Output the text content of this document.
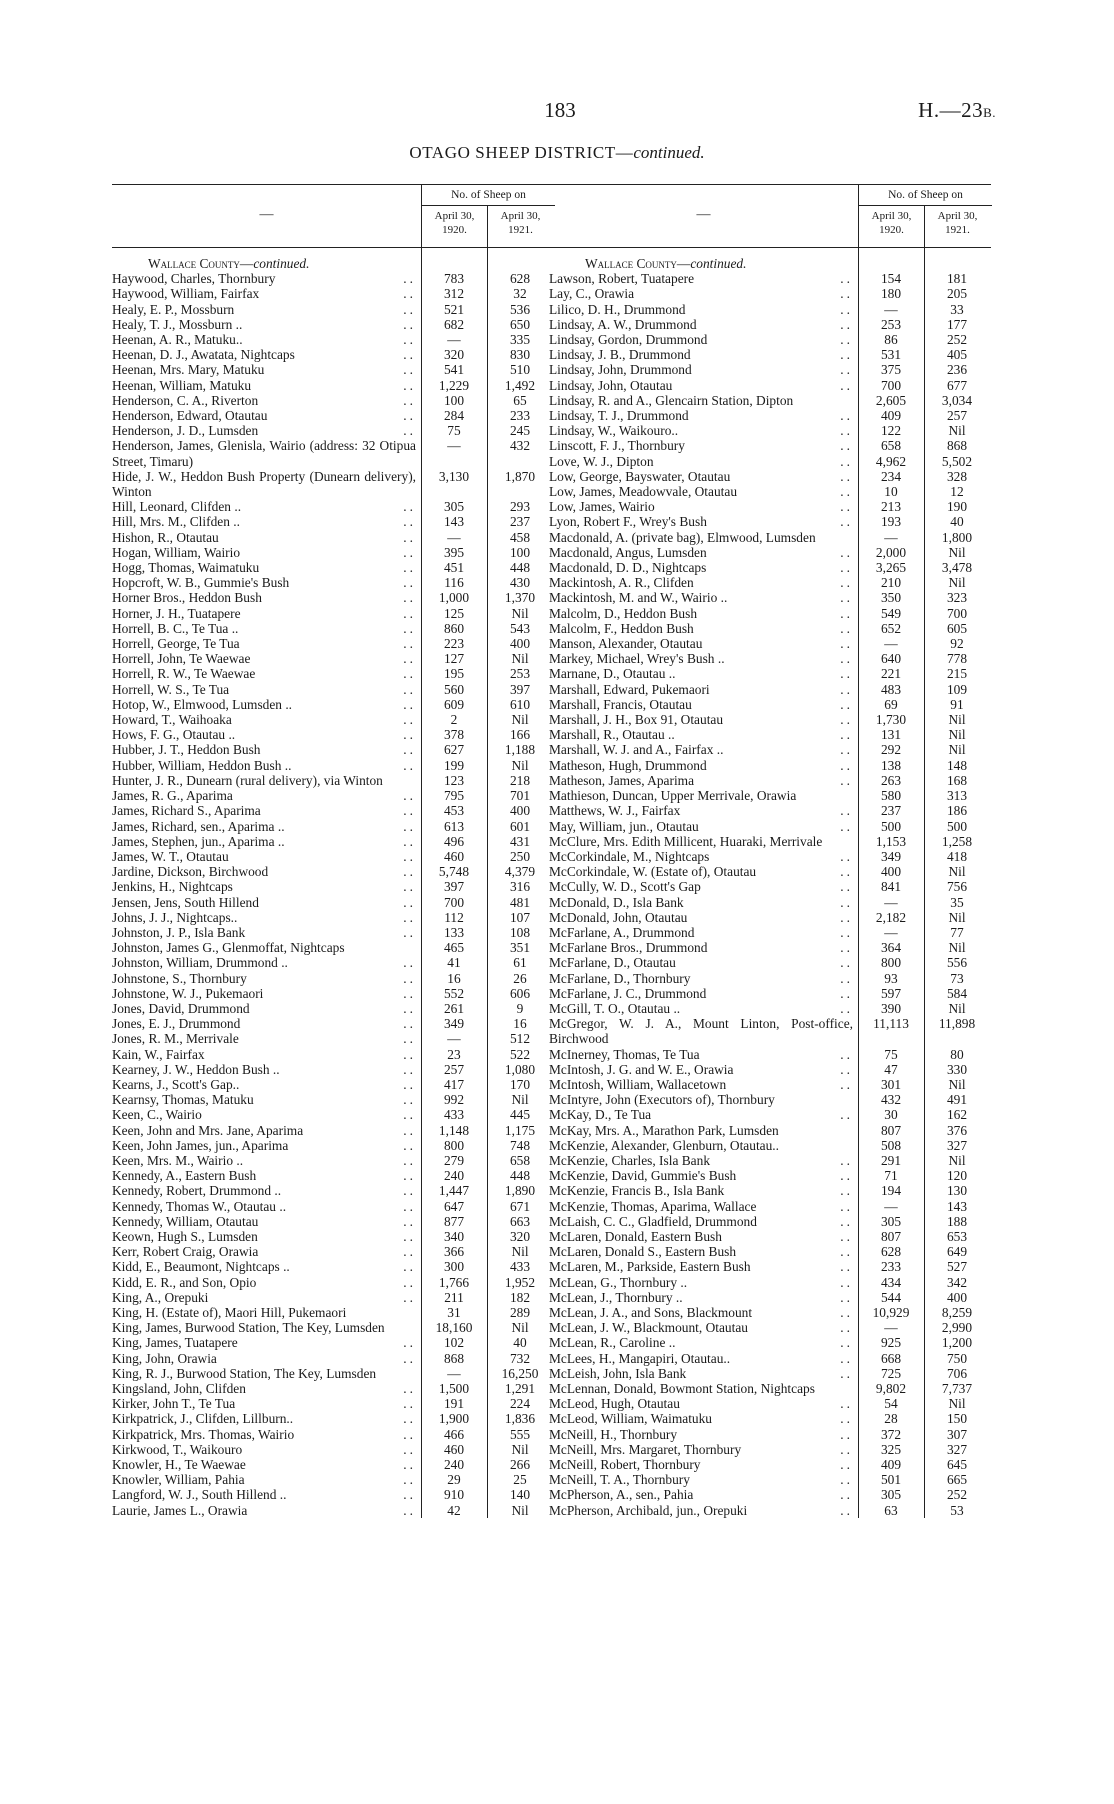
183	H.—23B.
OTAGO SHEEP DISTRICT—continued.
—
No. of Sheep on
April 30,
1920.
April 30,
1921.
Wallace County—continued.
..
Haywood, Charles, Thornbury	783	628
..
Haywood, William, Fairfax	312	32
..
Healy, E. P., Mossburn	521	536
..
Healy, T. J., Mossburn ..	682	650
..
Heenan, A. R., Matuku..	—	335
..
Heenan, D. J., Awatata, Nightcaps	320	830
..
Heenan, Mrs. Mary, Matuku	541	510
..
Heenan, William, Matuku	1,229	1,492
..
Henderson, C. A., Riverton	100	65
..
Henderson, Edward, Otautau	284	233
..
Henderson, J. D., Lumsden	75	245
Henderson, James, Glenisla, Wairio (address: 32 Otipua Street, Timaru)
—	432
Hide, J. W., Heddon Bush Property (Dunearn delivery), Winton
3,130	1,870
..
Hill, Leonard, Clifden ..	305	293
..
Hill, Mrs. M., Clifden ..	143	237
..
Hishon, R., Otautau	—	458
..
Hogan, William, Wairio	395	100
..
Hogg, Thomas, Waimatuku	451	448
..
Hopcroft, W. B., Gummie's Bush	116	430
..
Horner Bros., Heddon Bush	1,000	1,370
..
Horner, J. H., Tuatapere	125	Nil
..
Horrell, B. C., Te Tua ..	860	543
..
Horrell, George, Te Tua	223	400
..
Horrell, John, Te Waewae	127	Nil
..
Horrell, R. W., Te Waewae	195	253
..
Horrell, W. S., Te Tua	560	397
..
Hotop, W., Elmwood, Lumsden ..	609	610
..
Howard, T., Waihoaka	2	Nil
..
Hows, F. G., Otautau ..	378	166
..
Hubber, J. T., Heddon Bush	627	1,188
..
Hubber, William, Heddon Bush ..	199	Nil
Hunter, J. R., Dunearn (rural delivery), via Winton	123	218
..
James, R. G., Aparima	795	701
..
James, Richard S., Aparima	453	400
..
James, Richard, sen., Aparima ..	613	601
..
James, Stephen, jun., Aparima ..	496	431
..
James, W. T., Otautau	460	250
..
Jardine, Dickson, Birchwood	5,748	4,379
..
Jenkins, H., Nightcaps	397	316
..
Jensen, Jens, South Hillend	700	481
..
Johns, J. J., Nightcaps..	112	107
..
Johnston, J. P., Isla Bank	133	108
Johnston, James G., Glenmoffat, Nightcaps	465	351
..
Johnston, William, Drummond ..	41	61
..
Johnstone, S., Thornbury	16	26
..
Johnstone, W. J., Pukemaori	552	606
..
Jones, David, Drummond	261	9
..
Jones, E. J., Drummond	349	16
..
Jones, R. M., Merrivale	—	512
..
Kain, W., Fairfax	23	522
..
Kearney, J. W., Heddon Bush ..	257	1,080
..
Kearns, J., Scott's Gap..	417	170
..
Kearnsy, Thomas, Matuku	992	Nil
..
Keen, C., Wairio	433	445
..
Keen, John and Mrs. Jane, Aparima	1,148	1,175
..
Keen, John James, jun., Aparima	800	748
..
Keen, Mrs. M., Wairio ..	279	658
..
Kennedy, A., Eastern Bush	240	448
..
Kennedy, Robert, Drummond ..	1,447	1,890
..
Kennedy, Thomas W., Otautau ..	647	671
..
Kennedy, William, Otautau	877	663
..
Keown, Hugh S., Lumsden	340	320
..
Kerr, Robert Craig, Orawia	366	Nil
..
Kidd, E., Beaumont, Nightcaps ..	300	433
..
Kidd, E. R., and Son, Opio	1,766	1,952
..
King, A., Orepuki	211	182
King, H. (Estate of), Maori Hill, Pukemaori	31	289
King, James, Burwood Station, The Key, Lumsden	18,160	Nil
..
King, James, Tuatapere	102	40
..
King, John, Orawia	868	732
King, R. J., Burwood Station, The Key, Lumsden	—	16,250
..
Kingsland, John, Clifden	1,500	1,291
..
Kirker, John T., Te Tua	191	224
..
Kirkpatrick, J., Clifden, Lillburn..	1,900	1,836
..
Kirkpatrick, Mrs. Thomas, Wairio	466	555
..
Kirkwood, T., Waikouro	460	Nil
..
Knowler, H., Te Waewae	240	266
..
Knowler, William, Pahia	29	25
..
Langford, W. J., South Hillend ..	910	140
..
Laurie, James L., Orawia	42	Nil
—
No. of Sheep on
April 30,
1920.
April 30,
1921.
Wallace County—continued.
..
Lawson, Robert, Tuatapere	154	181
..
Lay, C., Orawia	180	205
..
Lilico, D. H., Drummond	—	33
..
Lindsay, A. W., Drummond	253	177
..
Lindsay, Gordon, Drummond	86	252
..
Lindsay, J. B., Drummond	531	405
..
Lindsay, John, Drummond	375	236
..
Lindsay, John, Otautau	700	677
Lindsay, R. and A., Glencairn Station, Dipton	2,605	3,034
..
Lindsay, T. J., Drummond	409	257
..
Lindsay, W., Waikouro..	122	Nil
..
Linscott, F. J., Thornbury	658	868
..
Love, W. J., Dipton	4,962	5,502
..
Low, George, Bayswater, Otautau	234	328
..
Low, James, Meadowvale, Otautau	10	12
..
Low, James, Wairio	213	190
..
Lyon, Robert F., Wrey's Bush	193	40
Macdonald, A. (private bag), Elmwood, Lumsden	—	1,800
..
Macdonald, Angus, Lumsden	2,000	Nil
..
Macdonald, D. D., Nightcaps	3,265	3,478
..
Mackintosh, A. R., Clifden	210	Nil
..
Mackintosh, M. and W., Wairio ..	350	323
..
Malcolm, D., Heddon Bush	549	700
..
Malcolm, F., Heddon Bush	652	605
..
Manson, Alexander, Otautau	—	92
..
Markey, Michael, Wrey's Bush ..	640	778
..
Marnane, D., Otautau ..	221	215
..
Marshall, Edward, Pukemaori	483	109
..
Marshall, Francis, Otautau	69	91
..
Marshall, J. H., Box 91, Otautau	1,730	Nil
..
Marshall, R., Otautau ..	131	Nil
..
Marshall, W. J. and A., Fairfax ..	292	Nil
..
Matheson, Hugh, Drummond	138	148
..
Matheson, James, Aparima	263	168
Mathieson, Duncan, Upper Merrivale, Orawia	580	313
..
Matthews, W. J., Fairfax	237	186
..
May, William, jun., Otautau	500	500
McClure, Mrs. Edith Millicent, Huaraki, Merrivale	1,153	1,258
..
McCorkindale, M., Nightcaps	349	418
..
McCorkindale, W. (Estate of), Otautau	400	Nil
..
McCully, W. D., Scott's Gap	841	756
..
McDonald, D., Isla Bank	—	35
..
McDonald, John, Otautau	2,182	Nil
..
McFarlane, A., Drummond	—	77
..
McFarlane Bros., Drummond	364	Nil
..
McFarlane, D., Otautau	800	556
..
McFarlane, D., Thornbury	93	73
..
McFarlane, J. C., Drummond	597	584
..
McGill, T. O., Otautau ..	390	Nil
McGregor, W. J. A., Mount Linton, Post-office, Birchwood
11,113	11,898
..
McInerney, Thomas, Te Tua	75	80
..
McIntosh, J. G. and W. E., Orawia	47	330
..
McIntosh, William, Wallacetown	301	Nil
McIntyre, John (Executors of), Thornbury	432	491
..
McKay, D., Te Tua	30	162
McKay, Mrs. A., Marathon Park, Lumsden	807	376
McKenzie, Alexander, Glenburn, Otautau..	508	327
..
McKenzie, Charles, Isla Bank	291	Nil
..
McKenzie, David, Gummie's Bush	71	120
..
McKenzie, Francis B., Isla Bank	194	130
..
McKenzie, Thomas, Aparima, Wallace	—	143
..
McLaish, C. C., Gladfield, Drummond	305	188
..
McLaren, Donald, Eastern Bush	807	653
..
McLaren, Donald S., Eastern Bush	628	649
..
McLaren, M., Parkside, Eastern Bush	233	527
..
McLean, G., Thornbury ..	434	342
..
McLean, J., Thornbury ..	544	400
..
McLean, J. A., and Sons, Blackmount	10,929	8,259
..
McLean, J. W., Blackmount, Otautau	—	2,990
..
McLean, R., Caroline ..	925	1,200
..
McLees, H., Mangapiri, Otautau..	668	750
..
McLeish, John, Isla Bank	725	706
McLennan, Donald, Bowmont Station, Nightcaps	9,802	7,737
..
McLeod, Hugh, Otautau	54	Nil
..
McLeod, William, Waimatuku	28	150
..
McNeill, H., Thornbury	372	307
..
McNeill, Mrs. Margaret, Thornbury	325	327
..
McNeill, Robert, Thornbury	409	645
..
McNeill, T. A., Thornbury	501	665
..
McPherson, A., sen., Pahia	305	252
..
McPherson, Archibald, jun., Orepuki	63	53
